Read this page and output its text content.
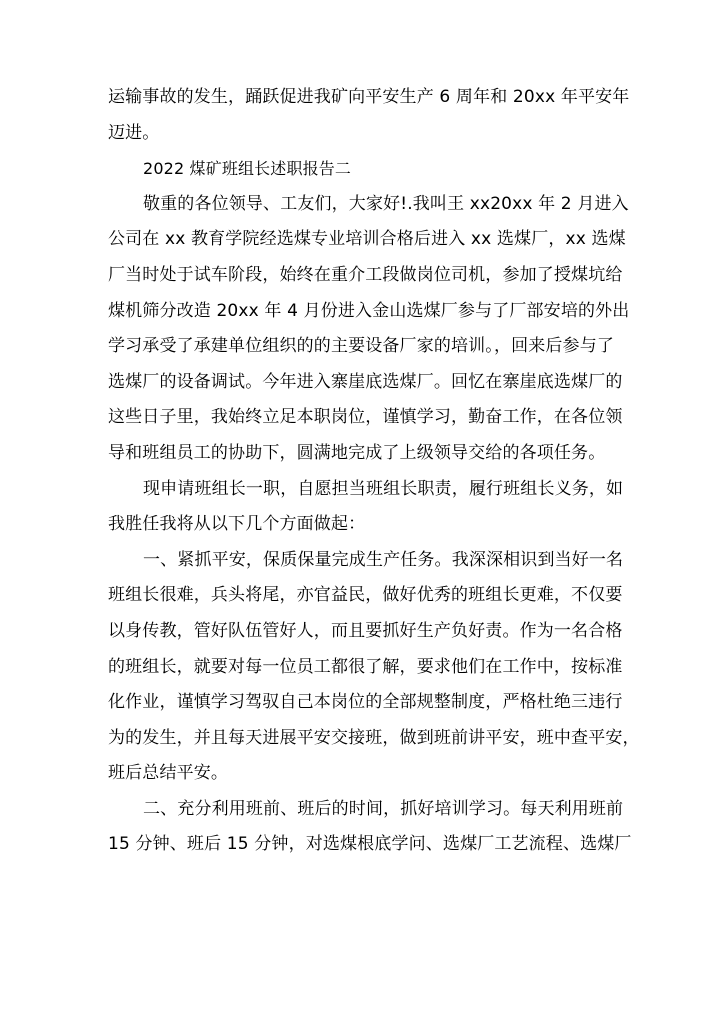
运输事故的发生，踊跃促进我矿向平安生产 6 周年和 20xx 年平安年
迈进。
2022 煤矿班组长述职报告二
敬重的各位领导、工友们，大家好!.我叫王 xx20xx 年 2 月进入
公司在 xx 教育学院经选煤专业培训合格后进入 xx 选煤厂，xx 选煤
厂当时处于试车阶段，始终在重介工段做岗位司机，参加了授煤坑给
煤机筛分改造 20xx 年 4 月份进入金山选煤厂参与了厂部安培的外出
学习承受了承建单位组织的的主要设备厂家的培训。，回来后参与了
选煤厂的设备调试。今年进入寨崖底选煤厂。回忆在寨崖底选煤厂的
这些日子里，我始终立足本职岗位，谨慎学习，勤奋工作，在各位领
导和班组员工的协助下，圆满地完成了上级领导交给的各项任务。
现申请班组长一职，自愿担当班组长职责，履行班组长义务，如
我胜任我将从以下几个方面做起：
一、紧抓平安，保质保量完成生产任务。我深深相识到当好一名
班组长很难，兵头将尾，亦官益民，做好优秀的班组长更难，不仅要
以身传教，管好队伍管好人，而且要抓好生产负好责。作为一名合格
的班组长，就要对每一位员工都很了解，要求他们在工作中，按标准
化作业，谨慎学习驾驭自己本岗位的全部规整制度，严格杜绝三违行
为的发生，并且每天进展平安交接班，做到班前讲平安，班中查平安，
班后总结平安。
二、充分利用班前、班后的时间，抓好培训学习。每天利用班前
15 分钟、班后 15 分钟，对选煤根底学问、选煤厂工艺流程、选煤厂
